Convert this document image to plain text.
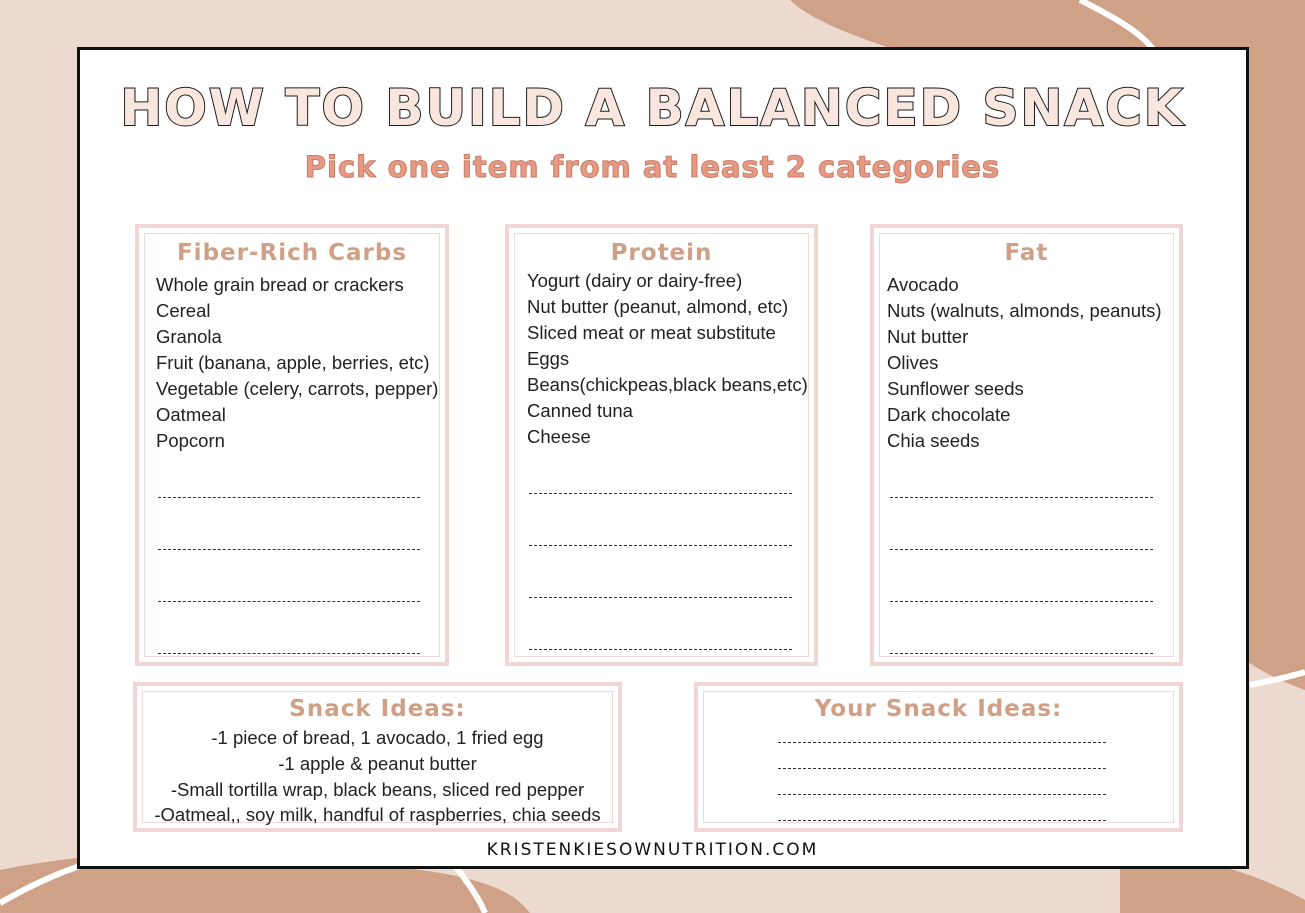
HOW TO BUILD A BALANCED SNACK
Pick one item from at least 2 categories
Fiber-Rich Carbs
Whole grain bread or crackers
Cereal
Granola
Fruit (banana, apple, berries, etc)
Vegetable (celery, carrots, pepper)
Oatmeal
Popcorn
Protein
Yogurt (dairy or dairy-free)
Nut butter (peanut, almond, etc)
Sliced meat or meat substitute
Eggs
Beans(chickpeas,black beans,etc)
Canned tuna
Cheese
Fat
Avocado
Nuts (walnuts, almonds, peanuts)
Nut butter
Olives
Sunflower seeds
Dark chocolate
Chia seeds
Snack Ideas:
-1 piece of bread, 1 avocado, 1 fried egg
-1 apple & peanut butter
-Small tortilla wrap, black beans, sliced red pepper
-Oatmeal,, soy milk, handful of raspberries, chia seeds
Your Snack Ideas:
KRISTENKIESOWNUTRITION.COM
